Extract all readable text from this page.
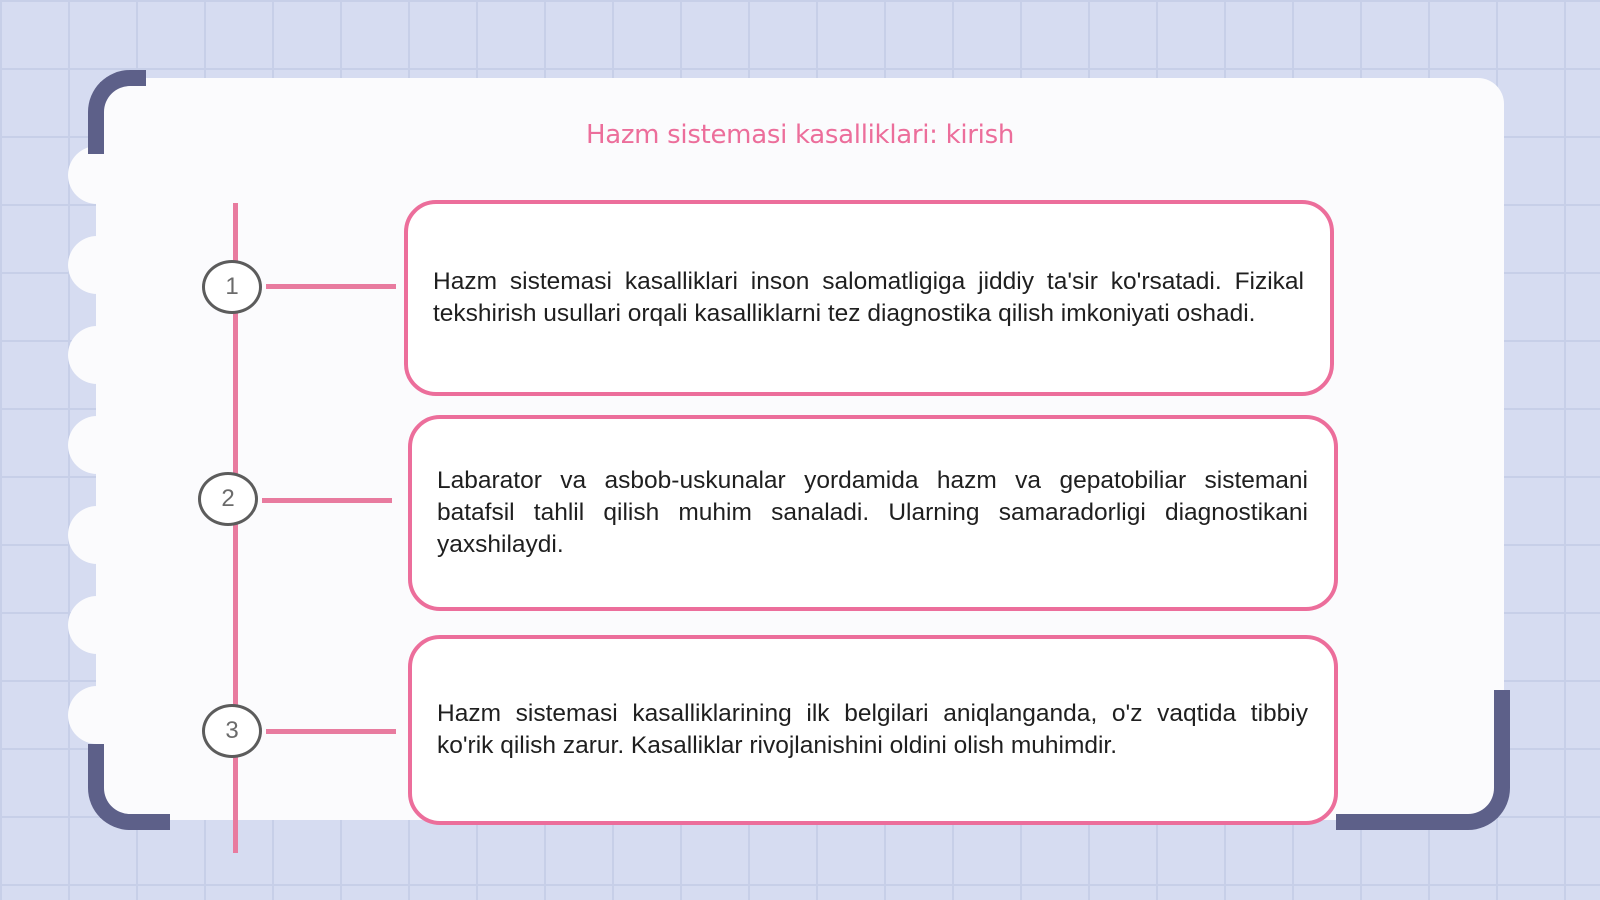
Hazm sistemasi kasalliklari: kirish
1
2
3

Hazm sistemasi kasalliklari inson salomatligiga jiddiy ta'sir ko'rsatadi. Fizikal tekshirish usullari orqali kasalliklarni tez diagnostika qilish imkoniyati oshadi.

Labarator va asbob-uskunalar yordamida hazm va gepatobiliar sistemani batafsil tahlil qilish muhim sanaladi. Ularning samaradorligi diagnostikani yaxshilaydi.

Hazm sistemasi kasalliklarining ilk belgilari aniqlanganda, o'z vaqtida tibbiy ko'rik qilish zarur. Kasalliklar rivojlanishini oldini olish muhimdir.
